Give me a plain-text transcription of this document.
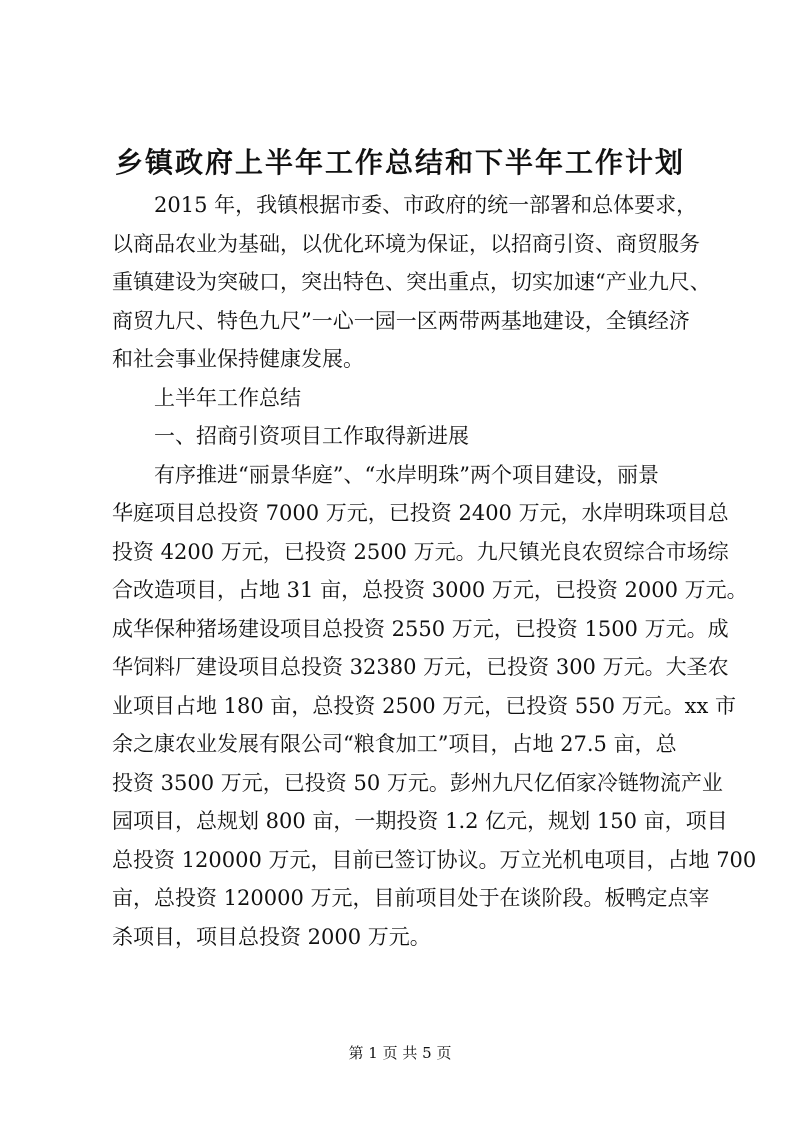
乡镇政府上半年工作总结和下半年工作计划
2015 年，我镇根据市委、市政府的统一部署和总体要求，
以商品农业为基础，以优化环境为保证，以招商引资、商贸服务
重镇建设为突破口，突出特色、突出重点，切实加速“产业九尺、
商贸九尺、特色九尺”一心一园一区两带两基地建设，全镇经济
和社会事业保持健康发展。
上半年工作总结
一、招商引资项目工作取得新进展
有序推进“丽景华庭”、“水岸明珠”两个项目建设，丽景
华庭项目总投资 7000 万元，已投资 2400 万元，水岸明珠项目总
投资 4200 万元，已投资 2500 万元。九尺镇光良农贸综合市场综
合改造项目，占地 31 亩，总投资 3000 万元，已投资 2000 万元。
成华保种猪场建设项目总投资 2550 万元，已投资 1500 万元。成
华饲料厂建设项目总投资 32380 万元，已投资 300 万元。大圣农
业项目占地 180 亩，总投资 2500 万元，已投资 550 万元。xx 市
余之康农业发展有限公司“粮食加工”项目，占地 27.5 亩，总
投资 3500 万元，已投资 50 万元。彭州九尺亿佰家冷链物流产业
园项目，总规划 800 亩，一期投资 1.2 亿元，规划 150 亩，项目
总投资 120000 万元，目前已签订协议。万立光机电项目，占地 700
亩，总投资 120000 万元，目前项目处于在谈阶段。板鸭定点宰
杀项目，项目总投资 2000 万元。
第 1 页 共 5 页
